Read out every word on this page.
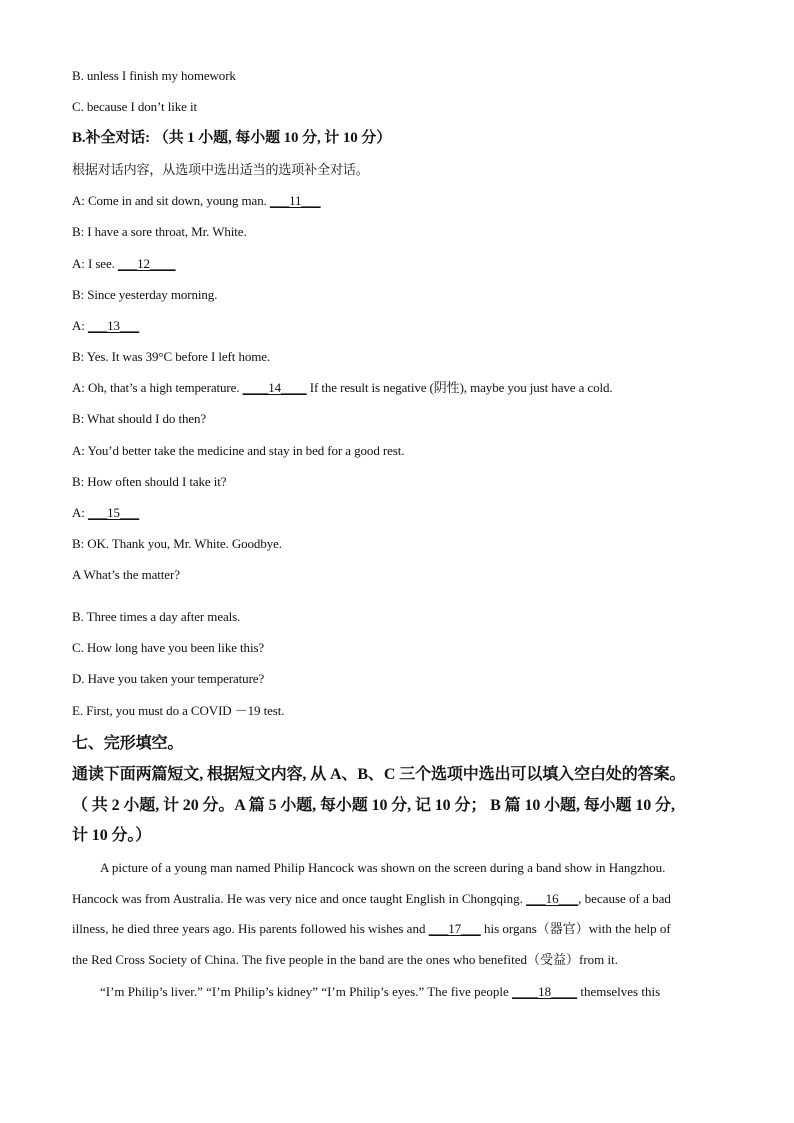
B. unless I finish my homework
C. because I don’t like it
B.补全对话: （共 1 小题, 每小题 10 分, 计 10 分）
根据对话内容，从选项中选出适当的选项补全对话。
A: Come in and sit down, young man. ___11___
B: I have a sore throat, Mr. White.
A: I see. ___12____
B: Since yesterday morning.
A: ___13___
B: Yes. It was 39°C before I left home.
A: Oh, that’s a high temperature. ____14____ If the result is negative (阴性), maybe you just have a cold.
B: What should I do then?
A: You’d better take the medicine and stay in bed for a good rest.
B: How often should I take it?
A: ___15___
B: OK. Thank you, Mr. White. Goodbye.
A What’s the matter?
B. Three times a day after meals.
C. How long have you been like this?
D. Have you taken your temperature?
E. First, you must do a COVID －19 test.
七、完形填空。
通读下面两篇短文, 根据短文内容, 从 A、B、C 三个选项中选出可以填入空白处的答案。
（ 共 2 小题, 计 20 分。A 篇 5 小题, 每小题 10 分, 记 10 分； B 篇 10 小题, 每小题 10 分,
计 10 分。）
A picture of a young man named Philip Hancock was shown on the screen during a band show in Hangzhou.
Hancock was from Australia. He was very nice and once taught English in Chongqing. ___16___, because of a bad
illness, he died three years ago. His parents followed his wishes and ___17___ his organs（器官）with the help of
the Red Cross Society of China. The five people in the band are the ones who benefited（受益）from it.
“I’m Philip’s liver.” “I’m Philip’s kidney” “I’m Philip’s eyes.” The five people ____18____ themselves this
